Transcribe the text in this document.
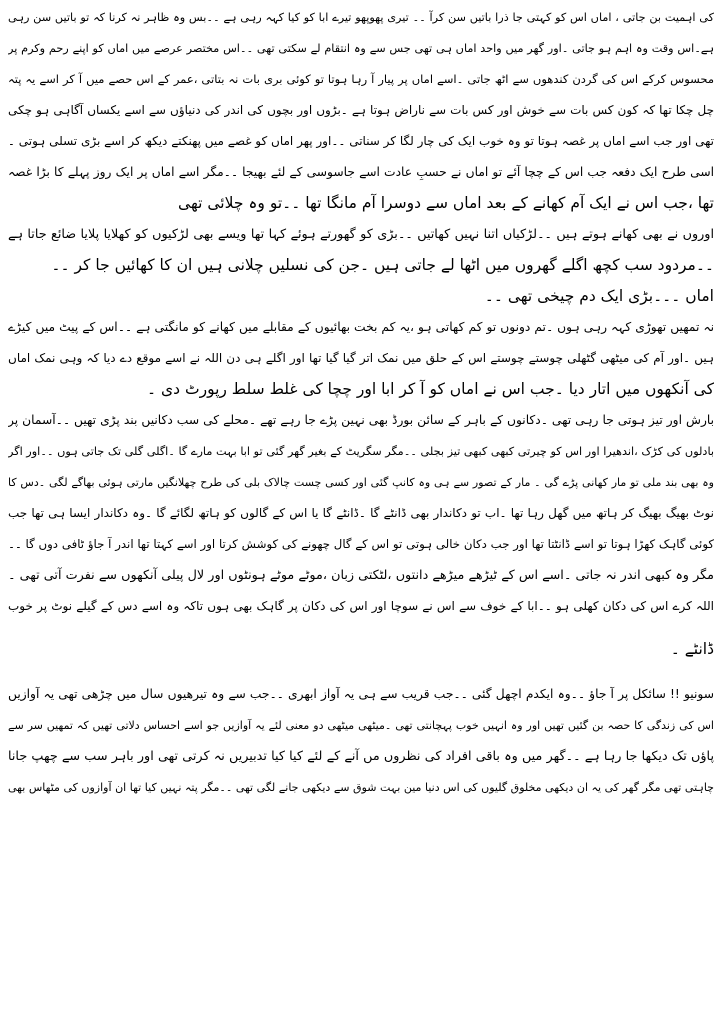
کی اہمیت بن جاتی ، اماں اس کو کہتی جا ذرا باتیں سن کرآ ۔۔ تیری پھوپھو تیرے ابا کو کیا کہہ رہی ہے ۔۔بس وہ ظاہر نہ کرنا کہ تو باتیں سن رہی
ہے۔اس وقت وہ اہم ہو جاتی ۔اور گھر میں واحد اماں ہی تھی جس سے وہ انتقام لے سکتی تھی ۔۔اس مختصر عرصے میں اماں کو اپنے رحم وکرم پر
محسوس کرکے اس کی گردن کندھوں سے اٹھ جاتی ۔اسے اماں پر پیار آ رہا ہوتا تو کوئی بری بات نہ بتاتی ،عمر کے اس حصے میں آ کر اسے یہ پتہ
چل چکا تھا کہ کون کس بات سے خوش اور کس بات سے ناراض ہوتا ہے ۔بڑوں اور بچوں کی اندر کی دنیاؤں سے اسے یکساں آگاہی ہو چکی
تھی اور جب اسے اماں پر غصہ ہوتا تو وہ خوب ایک کی چار لگا کر سناتی ۔۔اور پھر اماں کو غصے میں پھنکتے دیکھ کر اسے بڑی تسلی ہوتی ۔
اسی طرح ایک دفعہ جب اس کے چچا آئے تو اماں نے حسبِ عادت اسے جاسوسی کے لئے بھیجا ۔۔مگر اسے اماں پر ایک روز پہلے کا بڑا غصہ
تھا ،جب اس نے ایک آم کھانے کے بعد اماں سے دوسرا آم مانگا تھا ۔۔تو وہ چلائی تھی
اوروں نے بھی کھانے ہوتے ہیں ۔۔لڑکیاں اتنا نہیں کھاتیں ۔۔بڑی کو گھورتے ہوئے کہا تھا ویسے بھی لڑکیوں کو کھلایا پلایا ضائع جاتا ہے
۔۔مردود سب کچھ اگلے گھروں میں اٹھا لے جاتی ہیں ۔جن کی نسلیں چلانی ہیں ان کا کھائیں جا کر ۔۔
اماں ۔۔۔بڑی ایک دم چیخی تھی ۔۔
نہ تمھیں تھوڑی کہہ رہی ہوں ۔تم دونوں تو کم کھاتی ہو ،یہ کم بخت بھائیوں کے مقابلے میں کھانے کو مانگتی ہے ۔۔اس کے پیٹ میں کیڑے
ہیں ۔اور آم کی میٹھی گٹھلی چوستے چوستے اس کے حلق میں نمک اتر گیا گیا تھا اور اگلے ہی دن اللہ نے اسے موقع دے دیا کہ وہی نمک اماں
کی آنکھوں میں اتار دیا ۔جب اس نے اماں کو آ کر ابا اور چچا کی غلط سلط رپورٹ دی ۔
بارش اور تیز ہوتی جا رہی تھی ۔دکانوں کے باہر کے سائن بورڈ بھی نہین پڑے جا رہے تھے ۔محلے کی سب دکانیں بند پڑی تھیں ۔۔آسمان پر
بادلوں کی کڑک ،اندھیرا اور اس کو چیرتی کبھی کبھی تیز بجلی ۔۔مگر سگریٹ کے بغیر گھر گئی تو ابا بہت مارے گا ۔اگلی گلی تک جاتی ہوں ۔۔اور اگر
وہ بھی بند ملی تو مار کھانی پڑے گی ۔ مار کے تصور سے ہی وہ کانپ گئی اور کسی چست چالاک بلی کی طرح چھلانگیں مارتی ہوئی بھاگے لگی ۔دس کا
نوٹ بھیگ بھیگ کر ہاتھ میں گھل رہا تھا ۔اب تو دکاندار بھی ڈانٹے گا ۔ڈانٹے گا یا اس کے گالوں کو ہاتھ لگائے گا ۔وہ دکاندار ایسا ہی تھا جب
کوئی گاہک کھڑا ہوتا تو اسے ڈانٹتا تھا اور جب دکان خالی ہوتی تو اس کے گال چھونے کی کوشش کرتا اور اسے کہتا تھا اندر آ جاؤ ٹافی دوں گا ۔۔
مگر وہ کبھی اندر نہ جاتی ۔اسے اس کے ٹیڑھے میڑھے دانتوں ،لٹکتی زبان ،موٹے موٹے ہونٹوں اور لال پیلی آنکھوں سے نفرت آتی تھی ۔
اللہ کرے اس کی دکان کھلی ہو ۔۔ابا کے خوف سے اس نے سوچا اور اس کی دکان پر گاہک بھی ہوں تاکہ وہ اسے دس کے گیلے نوٹ پر خوب
ڈانٹے ۔
سونیو !! سائکل پر آ جاؤ ۔۔وہ ایکدم اچھل گئی ۔۔جب قریب سے ہی یہ آواز ابھری ۔۔جب سے وہ تیرھیوں سال میں چڑھی تھی یہ آوازیں
اس کی زندگی کا حصہ بن گئیں تھیں اور وہ انہیں خوب پہچانتی تھی ۔میٹھی میٹھی دو معنی لئے یہ آوازیں جو اسے احساس دلاتی تھیں کہ تمھیں سر سے
پاؤں تک دیکھا جا رہا ہے ۔۔گھر میں وہ باقی افراد کی نظروں مں آنے کے لئے کیا کیا تدبیریں نہ کرتی تھی اور باہر سب سے چھپ جانا
چاہتی تھی مگر گھر کی یہ ان دیکھی مخلوق گلیوں کی اس دنیا مین بہت شوق سے دیکھی جانے لگی تھی ۔۔مگر پتہ نہیں کیا تھا ان آوازوں کی مٹھاس بھی
